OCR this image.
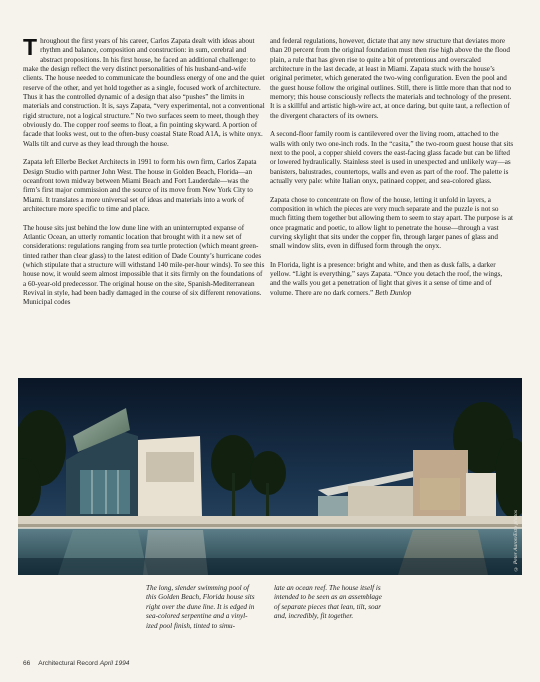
Throughout the first years of his career, Carlos Zapata dealt with ideas about rhythm and balance, composition and construction: in sum, cerebral and abstract propositions. In his first house, he faced an additional challenge: to make the design reflect the very distinct personalities of his husband-and-wife clients. The house needed to communicate the boundless energy of one and the quiet reserve of the other, and yet hold together as a single, focused work of architecture. Thus it has the controlled dynamic of a design that also “pushes” the limits in materials and construction. It is, says Zapata, “very experimental, not a conventional rigid structure, not a logical structure.” No two surfaces seem to meet, though they obviously do. The copper roof seems to float, a fin pointing skyward. A portion of facade that looks west, out to the often-busy coastal State Road A1A, is white onyx. Walls tilt and curve as they lead through the house.

Zapata left Ellerbe Becket Architects in 1991 to form his own firm, Carlos Zapata Design Studio with partner John West. The house in Golden Beach, Florida—an oceanfront town midway between Miami Beach and Fort Lauderdale—was the firm’s first major commission and the source of its move from New York City to Miami. It translates a more universal set of ideas and materials into a work of architecture more specific to time and place.

The house sits just behind the low dune line with an uninterrupted expanse of Atlantic Ocean, an utterly romantic location that brought with it a new set of considerations: regulations ranging from sea turtle protection (which meant green-tinted rather than clear glass) to the latest edition of Dade County’s hurricane codes (which stipulate that a structure will withstand 140 mile-per-hour winds). To see this house now, it would seem almost impossible that it sits firmly on the foundations of a 60-year-old predecessor. The original house on the site, Spanish-Mediterranean Revival in style, had been badly damaged in the course of six different renovations. Municipal codes

and federal regulations, however, dictate that any new structure that deviates more than 20 percent from the original foundation must then rise high above the the flood plain, a rule that has given rise to quite a bit of pretentious and overscaled architecture in the last decade, at least in Miami. Zapata stuck with the house’s original perimeter, which generated the two-wing configuration. Even the pool and the guest house follow the original outlines. Still, there is little more than that nod to memory; this house consciously reflects the materials and technology of the present. It is a skillful and artistic high-wire act, at once daring, but quite taut, a reflection of the divergent characters of its owners.

A second-floor family room is cantilevered over the living room, attached to the walls with only two one-inch rods. In the “casita,” the two-room guest house that sits next to the pool, a copper shield covers the east-facing glass facade but can be lifted or lowered hydraulically. Stainless steel is used in unexpected and unlikely way—as banisters, balustrades, countertops, walls and even as part of the roof. The palette is actually very pale: white Italian onyx, patinaed copper, and sea-colored glass.

Zapata chose to concentrate on flow of the house, letting it unfold in layers, a composition in which the pieces are very much separate and the puzzle is not so much fitting them together but allowing them to seem to stay apart. The purpose is at once pragmatic and poetic, to allow light to penetrate the house—through a vast curving skylight that sits under the copper fin, through larger panes of glass and small window slits, even in diffused form through the onyx.

In Florida, light is a presence: bright and white, and then as dusk falls, a darker yellow. “Light is everything,” says Zapata. “Once you detach the roof, the wings, and the walls you get a penetration of light that gives it a sense of time and of volume. There are no dark corners.” Beth Dunlop

© Peter Aaron/Esto photos
The long, slender swimming pool of this Golden Beach, Florida house sits right over the dune line. It is edged in sea-colored serpentine and a vinyl-ized pool finish, tinted to simu-
late an ocean reef. The house itself is intended to be seen as an assemblage of separate pieces that lean, tilt, soar and, incredibly, fit together.
66 Architectural Record April 1994
